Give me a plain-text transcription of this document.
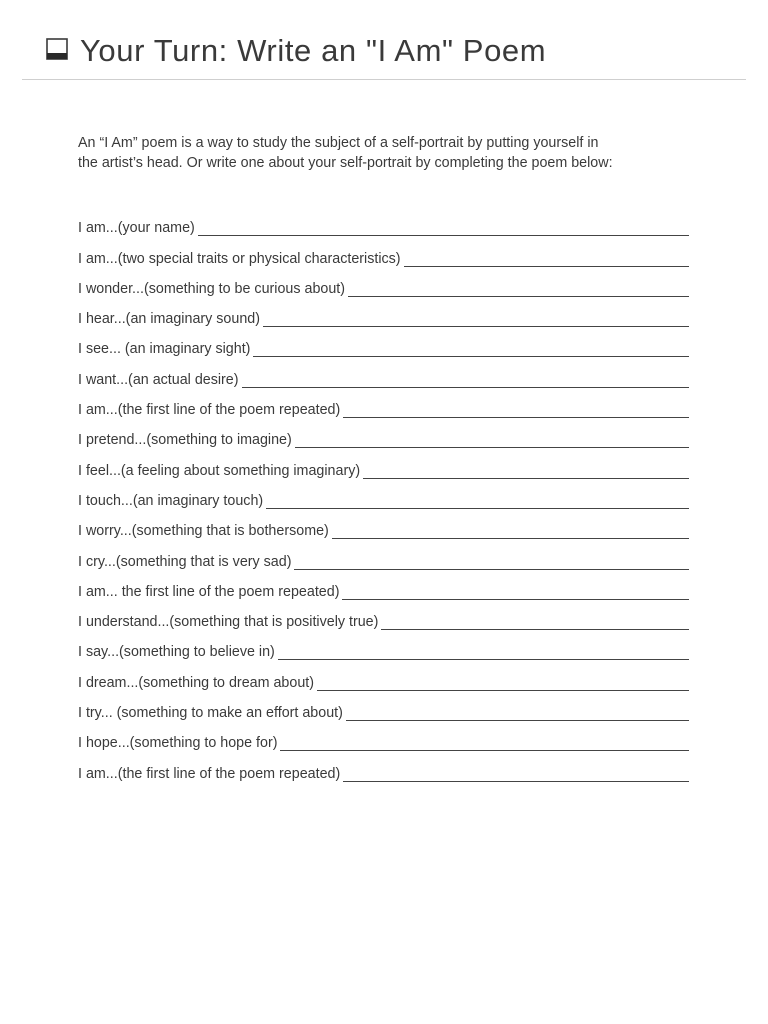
Your Turn: Write an "I Am" Poem

An “I Am” poem is a way to study the subject of a self-portrait by putting yourself in

the artist’s head. Or write one about your self-portrait by completing the poem below:

I am...(your name)
I am...(two special traits or physical characteristics)
I wonder...(something to be curious about)
I hear...(an imaginary sound)
I see... (an imaginary sight)
I want...(an actual desire)
I am...(the first line of the poem repeated)
I pretend...(something to imagine)
I feel...(a feeling about something imaginary)
I touch...(an imaginary touch)
I worry...(something that is bothersome)
I cry...(something that is very sad)
I am... the first line of the poem repeated)
I understand...(something that is positively true)
I say...(something to believe in)
I dream...(something to dream about)
I try... (something to make an effort about)
I hope...(something to hope for)
I am...(the first line of the poem repeated)
